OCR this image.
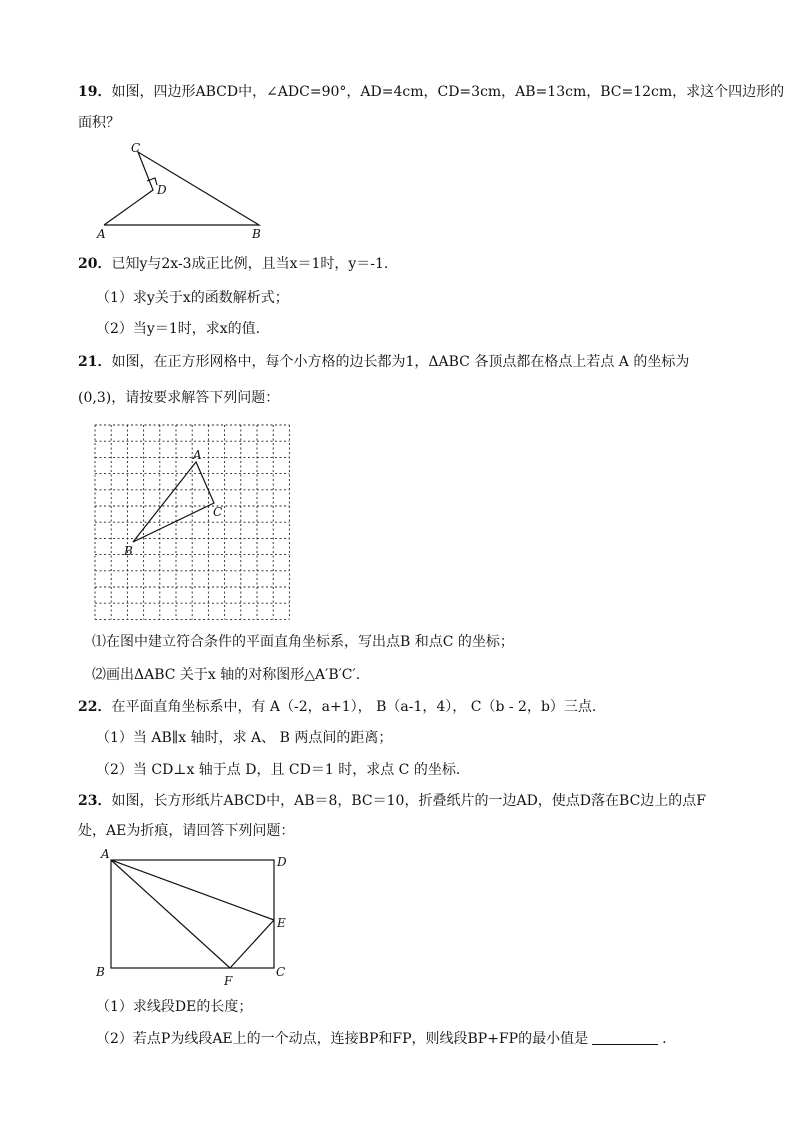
19．如图，四边形ABCD中，∠ADC=90°，AD=4cm，CD=3cm，AB=13cm，BC=12cm，求这个四边形的
面积？
A	B
C
D
20．已知y与2x-3成正比例，且当x＝1时，y＝-1.
（1）求y关于x的函数解析式；
（2）当y＝1时，求x的值.
21．如图，在正方形网格中，每个小方格的边长都为1，ΔABC 各顶点都在格点上若点 A 的坐标为
(0,3)，请按要求解答下列问题：
A
B
C
⑴在图中建立符合条件的平面直角坐标系，写出点B 和点C 的坐标；
⑵画出ΔABC 关于x 轴的对称图形△A′B′C′.
22．在平面直角坐标系中，有 A（-2，a+1）， B（a-1，4）， C（b - 2，b）三点.
（1）当 AB∥x 轴时，求 A、 B 两点间的距离；
（2）当 CD⊥x 轴于点 D，且 CD＝1 时，求点 C 的坐标.
23．如图，长方形纸片ABCD中，AB＝8，BC＝10，折叠纸片的一边AD，使点D落在BC边上的点F
处，AE为折痕，请回答下列问题：
A
B	C
D
E
F
（1）求线段DE的长度；
（2）若点P为线段AE上的一个动点，连接BP和FP，则线段BP+FP的最小值是	.
